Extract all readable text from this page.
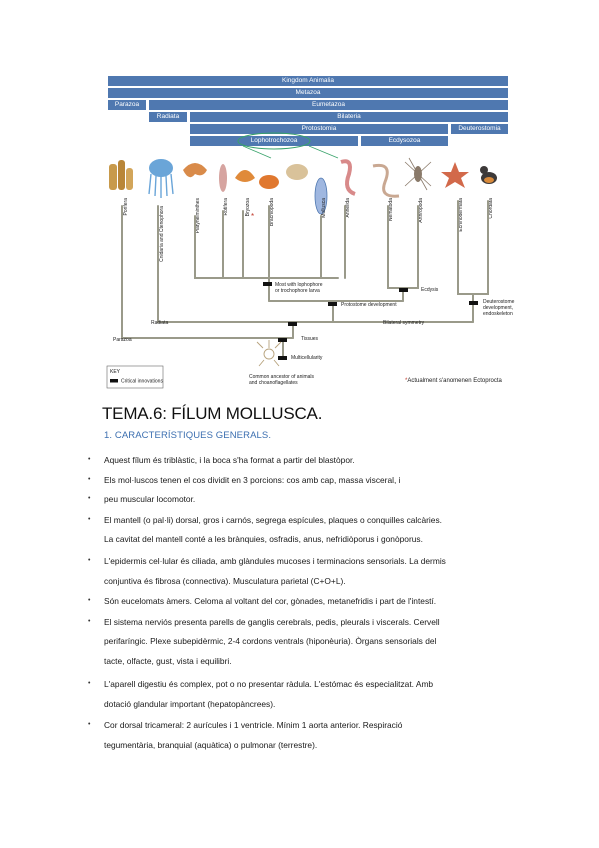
Kingdom Animalia
Metazoa
Parazoa	Eumetazoa
Radiata	Bilateria
Protostomia	Deuterostomia
Lophotrochozoa	Ecdysozoa
Porifera	Cnidaria and Ctenophora	Platyhelminthes	Rotifera	Bryozoa	Brachiopoda	Mollusca	Annelida	Nematoda	Arthropoda	Echinodermata	Chordata
Most with lophophore or trochophore larva	Ecdysis
Protostome development	Deuterostome development, endoskeleton
Bilateral symmetry
Radiata
Tissues
Parazoa
Multicellularity
Common ancestor of animals and choanoflagellates
KEY
Critical innovations
*
*Actualment s'anomenen Ectoprocta
TEMA.6: FÍLUM MOLLUSCA.
1. CARACTERÍSTIQUES GENERALS.
Aquest fílum és triblàstic, i la boca s'ha format a partir del blastòpor.
•
Els mol·luscos tenen el cos dividit en 3 porcions: cos amb cap, massa visceral, i
•
peu muscular locomotor.
•
El mantell (o pal·li) dorsal, gros i carnós, segrega espícules, plaques o conquilles calcàries.
•
La cavitat del mantell conté a les brànquies, osfradis, anus, nefridiòporus i gonòporus.
L'epidermis cel·lular és ciliada, amb glàndules mucoses i terminacions sensorials. La dermis
•
conjuntiva és fibrosa (connectiva). Musculatura parietal (C+O+L).
Són eucelomats àmers. Celoma al voltant del cor, gònades, metanefridis i part de l'intestí.
•
El sistema nerviós presenta parells de ganglis cerebrals, pedis, pleurals i viscerals. Cervell
•
perifaríngic. Plexe subepidèrmic, 2-4 cordons ventrals (hiponèuria). Òrgans sensorials del
tacte, olfacte, gust, vista i equilibri.
L'aparell digestiu és complex, pot o no presentar ràdula. L'estómac és especialitzat. Amb
•
dotació glandular important (hepatopàncrees).
Cor dorsal tricameral: 2 aurícules i 1 ventricle. Mínim 1 aorta anterior. Respiració
•
tegumentària, branquial (aquàtica) o pulmonar (terrestre).
